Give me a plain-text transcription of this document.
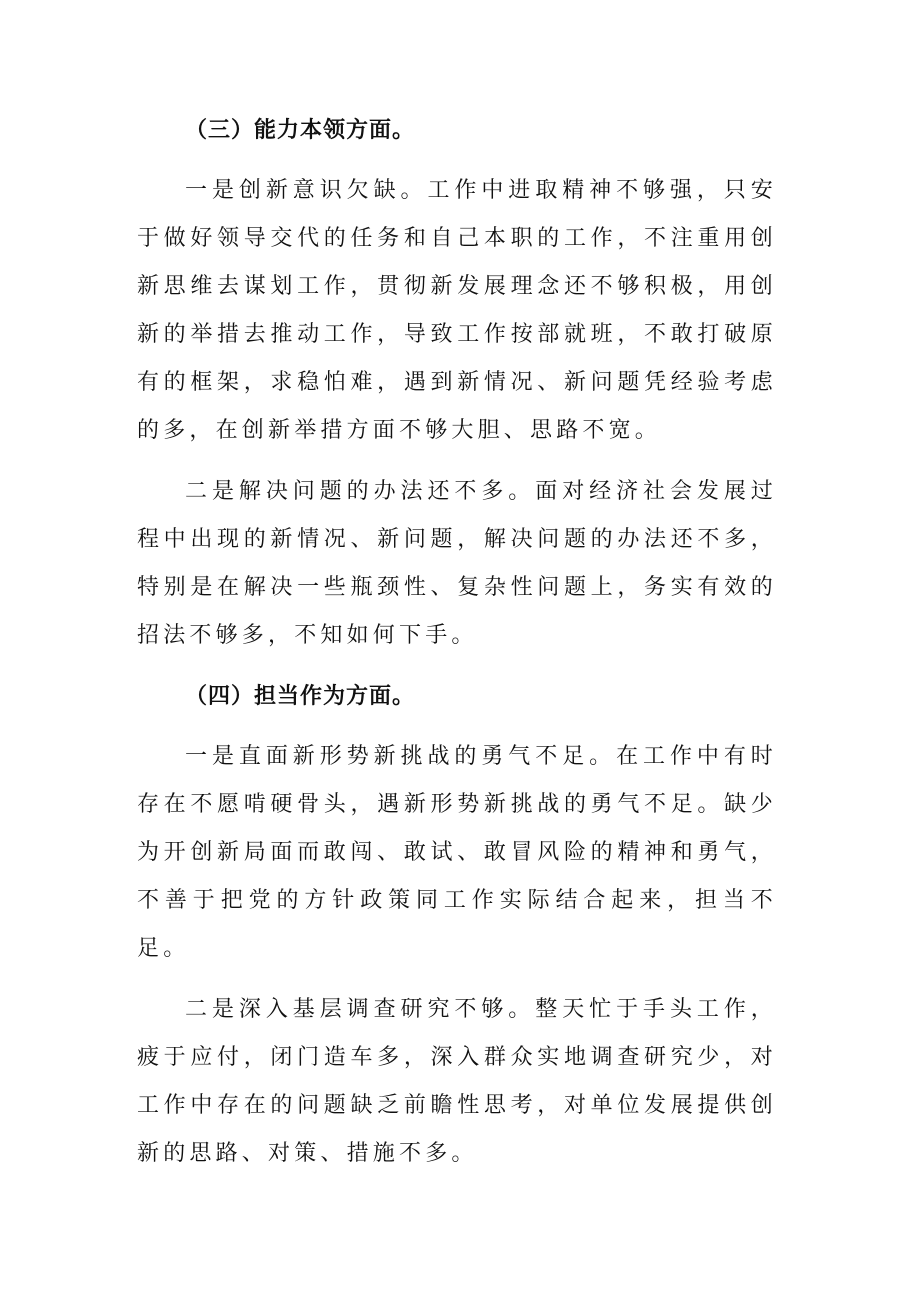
（三）能力本领方面。

一是创新意识欠缺。工作中进取精神不够强，只安于做好领导交代的任务和自己本职的工作，不注重用创新思维去谋划工作，贯彻新发展理念还不够积极，用创新的举措去推动工作，导致工作按部就班，不敢打破原有的框架，求稳怕难，遇到新情况、新问题凭经验考虑的多，在创新举措方面不够大胆、思路不宽。

二是解决问题的办法还不多。面对经济社会发展过程中出现的新情况、新问题，解决问题的办法还不多，特别是在解决一些瓶颈性、复杂性问题上，务实有效的招法不够多，不知如何下手。

（四）担当作为方面。

一是直面新形势新挑战的勇气不足。在工作中有时存在不愿啃硬骨头，遇新形势新挑战的勇气不足。缺少为开创新局面而敢闯、敢试、敢冒风险的精神和勇气，不善于把党的方针政策同工作实际结合起来，担当不足。

二是深入基层调查研究不够。整天忙于手头工作，疲于应付，闭门造车多，深入群众实地调查研究少，对工作中存在的问题缺乏前瞻性思考，对单位发展提供创新的思路、对策、措施不多。
